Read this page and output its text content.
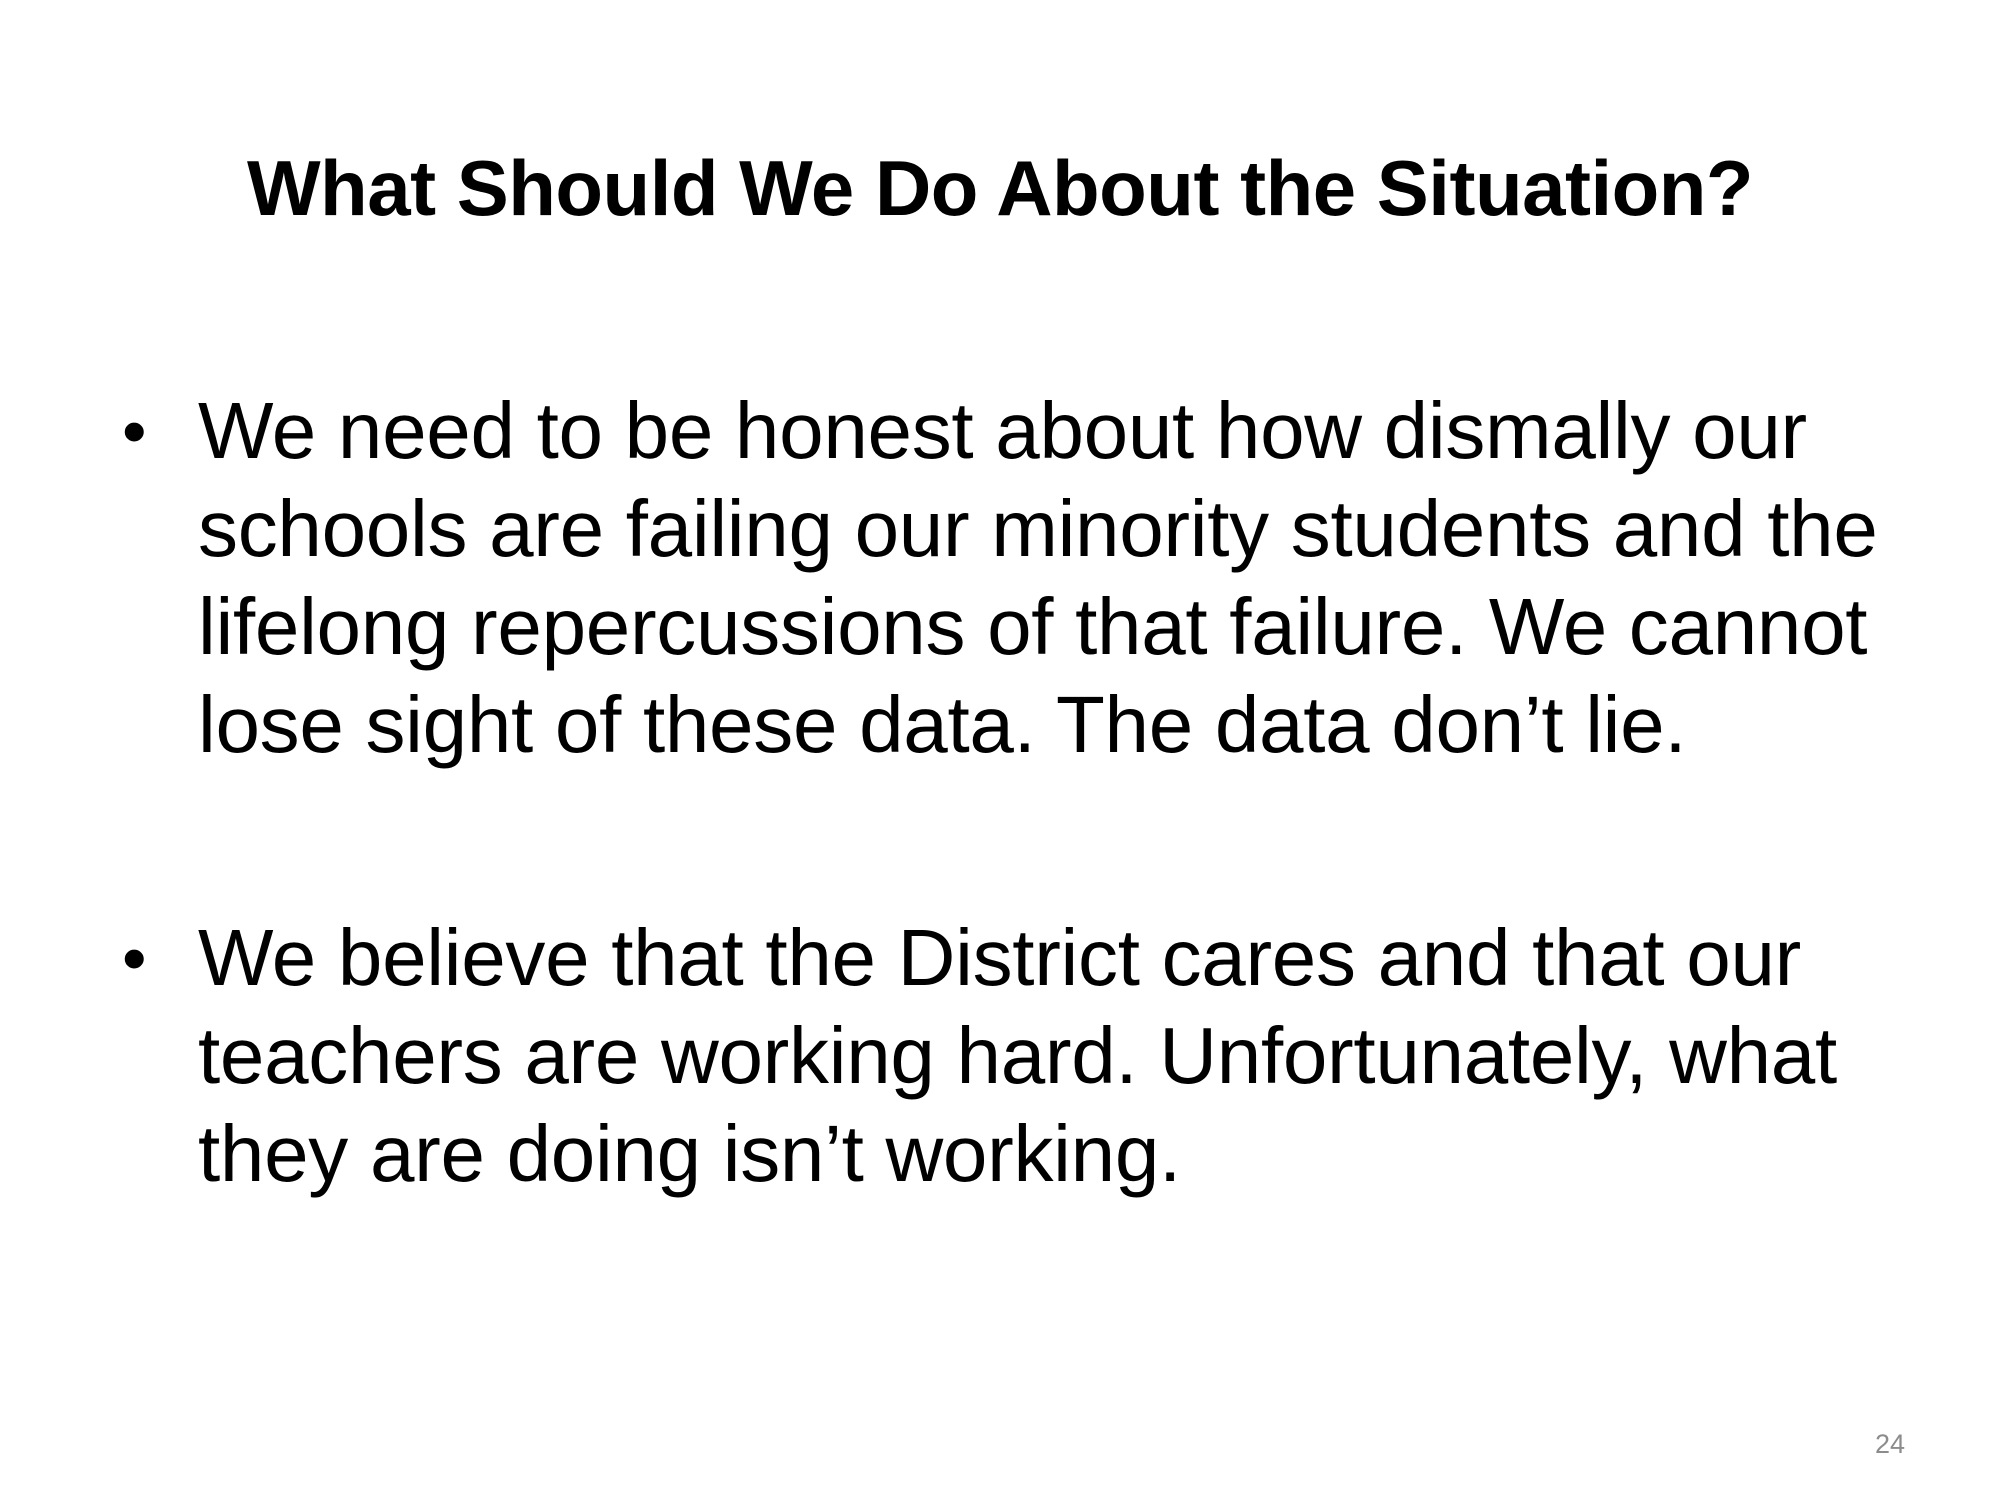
What Should We Do About the Situation?
• We need to be honest about how dismally our schools are failing our minority students and the lifelong repercussions of that failure. We cannot lose sight of these data. The data don’t lie.
• We believe that the District cares and that our teachers are working hard. Unfortunately, what they are doing isn’t working.
24
